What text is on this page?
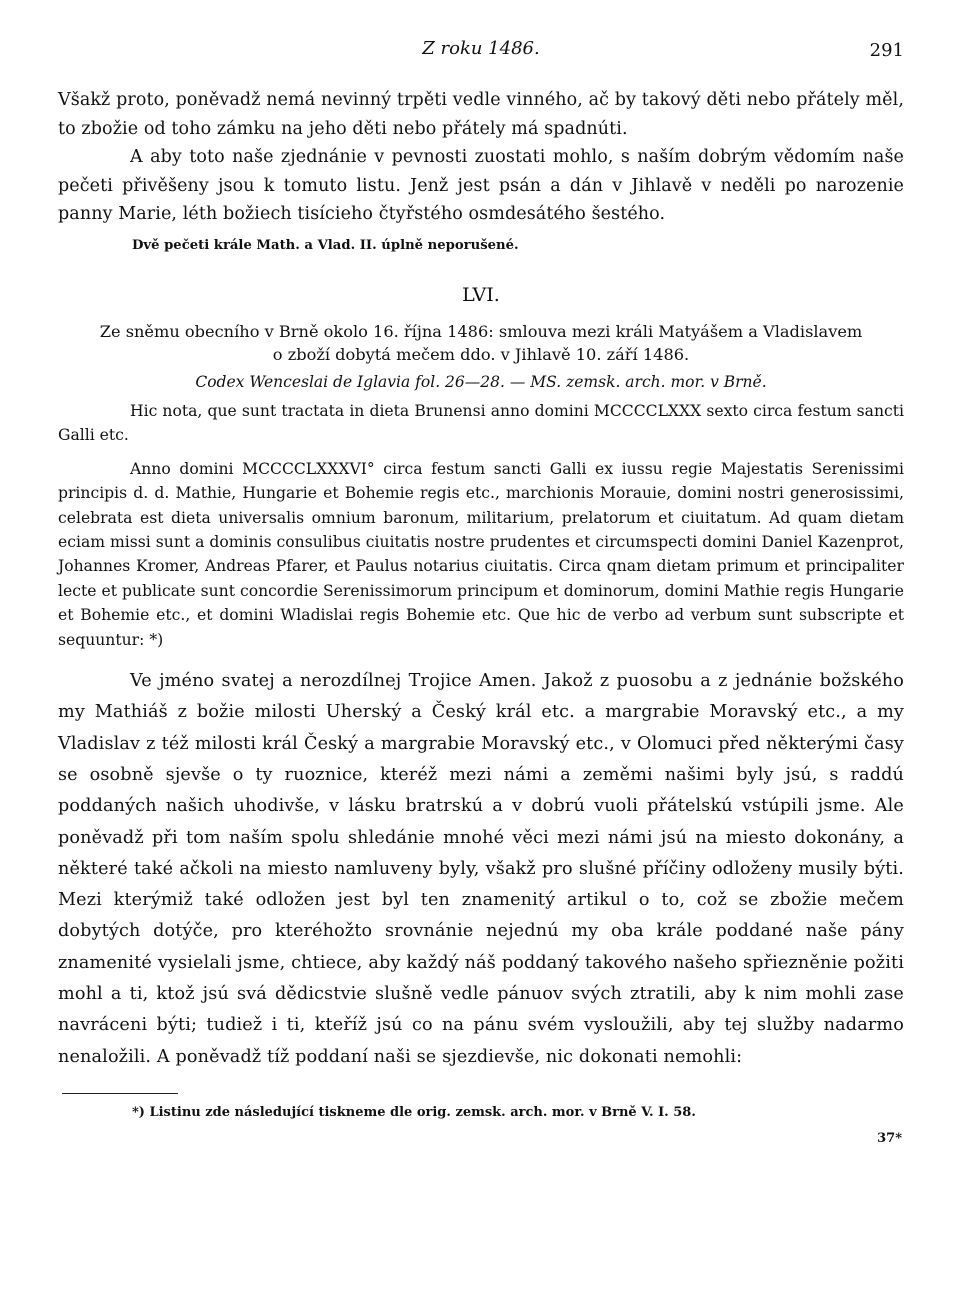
Z roku 1486.	291

Všakž proto, poněvadž nemá nevinný trpěti vedle vinného, ač by takový děti nebo přátely měl, to zbožie od toho zámku na jeho děti nebo přátely má spadnúti.

A aby toto naše zjednánie v pevnosti zuostati mohlo, s naším dobrým vědomím naše pečeti přivěšeny jsou k tomuto listu. Jenž jest psán a dán v Jihlavě v neděli po narozenie panny Marie, léth božiech tisícieho čtyřstého osmdesátého šestého.

Dvě pečeti krále Math. a Vlad. II. úplně neporušené.
LVI.
Ze sněmu obecního v Brně okolo 16. října 1486: smlouva mezi králi Matyášem a Vladislavem
o zboží dobytá mečem ddo. v Jihlavě 10. září 1486.
Codex Wenceslai de Iglavia fol. 26—28. — MS. zemsk. arch. mor. v Brně.

Hic nota, que sunt tractata in dieta Brunensi anno domini MCCCCLXXX sexto circa festum sancti Galli etc.

Anno domini MCCCCLXXXVI° circa festum sancti Galli ex iussu regie Majestatis Serenissimi principis d. d. Mathie, Hungarie et Bohemie regis etc., marchionis Morauie, domini nostri generosissimi, celebrata est dieta universalis omnium baronum, militarium, prelatorum et ciuitatum. Ad quam dietam eciam missi sunt a dominis consulibus ciuitatis nostre prudentes et circumspecti domini Daniel Kazenprot, Johannes Kromer, Andreas Pfarer, et Paulus notarius ciuitatis. Circa qnam dietam primum et principaliter lecte et publicate sunt concordie Serenissimorum principum et dominorum, domini Mathie regis Hungarie et Bohemie etc., et domini Wladislai regis Bohemie etc. Que hic de verbo ad verbum sunt subscripte et sequuntur: *)

Ve jméno svatej a nerozdílnej Trojice Amen. Jakož z puosobu a z jednánie božského my Mathiáš z božie milosti Uherský a Český král etc. a margrabie Moravský etc., a my Vladislav z též milosti král Český a margrabie Moravský etc., v Olomuci před některými časy se osobně sjevše o ty ruoznice, kteréž mezi námi a zeměmi našimi byly jsú, s raddú poddaných našich uhodivše, v lásku bratrskú a v dobrú vuoli přátelskú vstúpili jsme. Ale poněvadž při tom naším spolu shledánie mnohé věci mezi námi jsú na miesto dokonány, a některé také ačkoli na miesto namluveny byly, všakž pro slušné příčiny odloženy musily býti. Mezi kterýmiž také odložen jest byl ten znamenitý artikul o to, což se zbožie mečem dobytých dotýče, pro kteréhožto srovnánie nejednú my oba krále poddané naše pány znamenité vysielali jsme, chtiece, aby každý náš poddaný takového našeho spřiezněnie požiti mohl a ti, ktož jsú svá dědicstvie slušně vedle pánuov svých ztratili, aby k nim mohli zase navráceni býti; tudiež i ti, kteříž jsú co na pánu svém vysloužili, aby tej služby nadarmo nenaložili. A poněvadž tíž poddaní naši se sjezdievše, nic dokonati nemohli:

*) Listinu zde následující tiskneme dle orig. zemsk. arch. mor. v Brně V. I. 58.
37*
